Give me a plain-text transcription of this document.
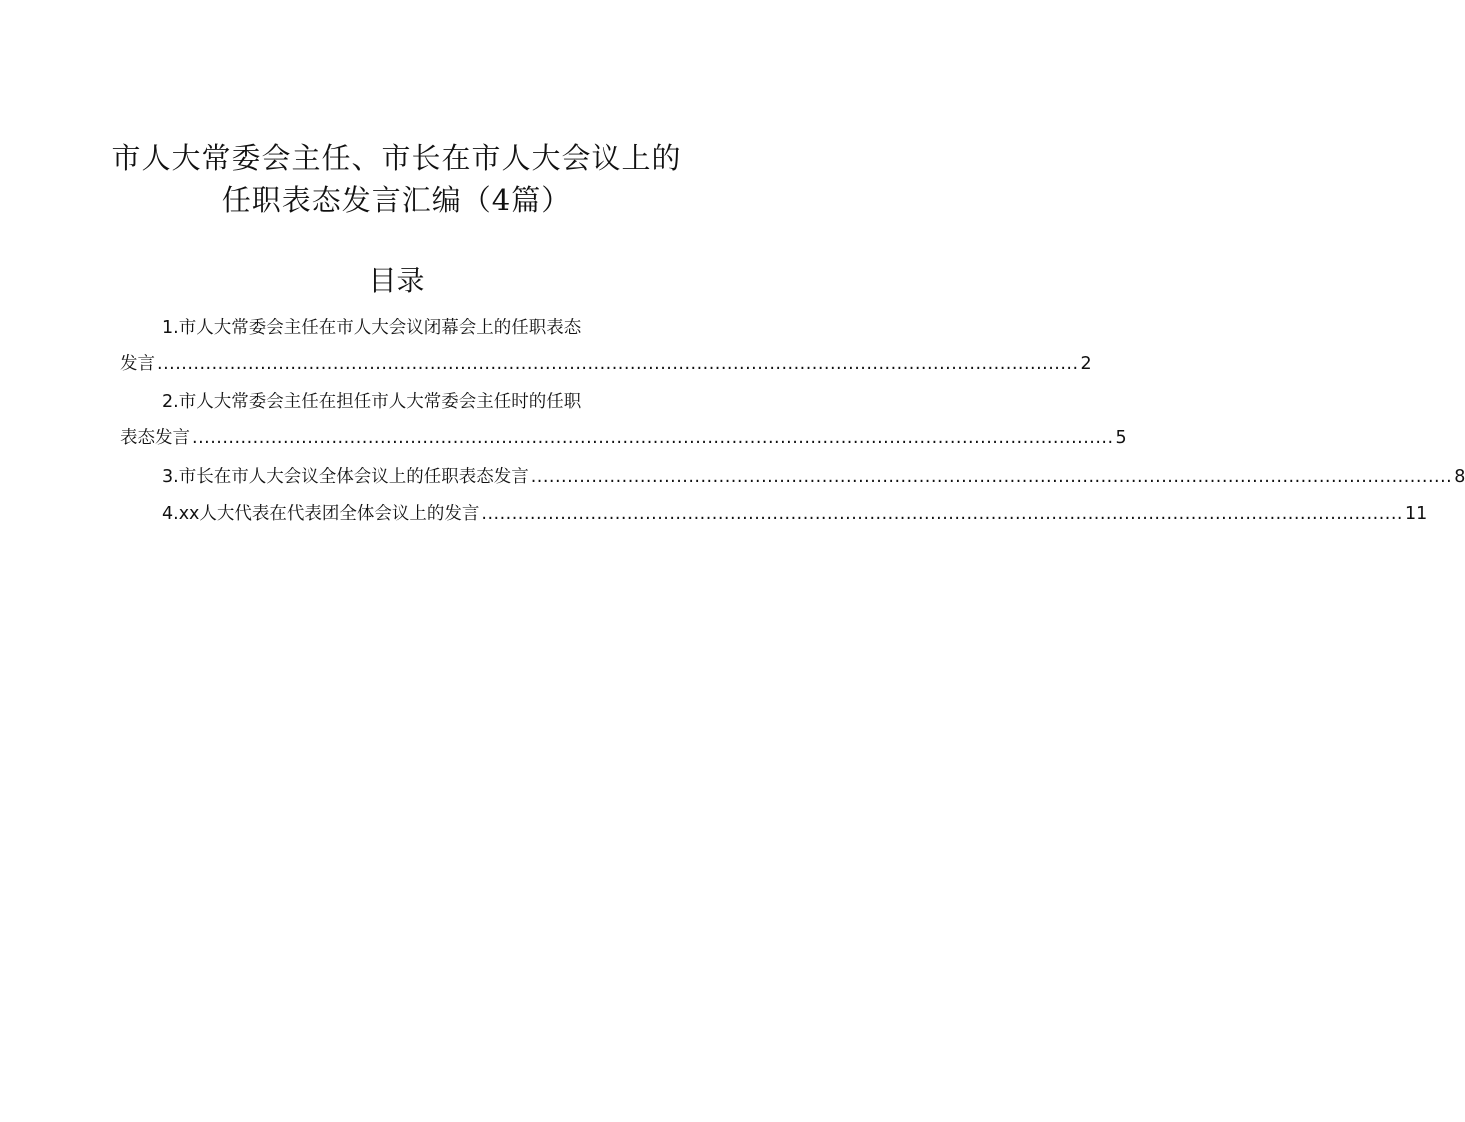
市人大常委会主任、市长在市人大会议上的
任职表态发言汇编（4篇）
目录
1.市人大常委会主任在市人大会议闭幕会上的任职表态
发言 ........................................................................................................................................................ 2
2.市人大常委会主任在担任市人大常委会主任时的任职
表态发言 ........................................................................................................................................................ 5
3.市长在市人大会议全体会议上的任职表态发言 ........................................................................................................................................................ 8
4.xx人大代表在代表团全体会议上的发言 ........................................................................................................................................................ 11
